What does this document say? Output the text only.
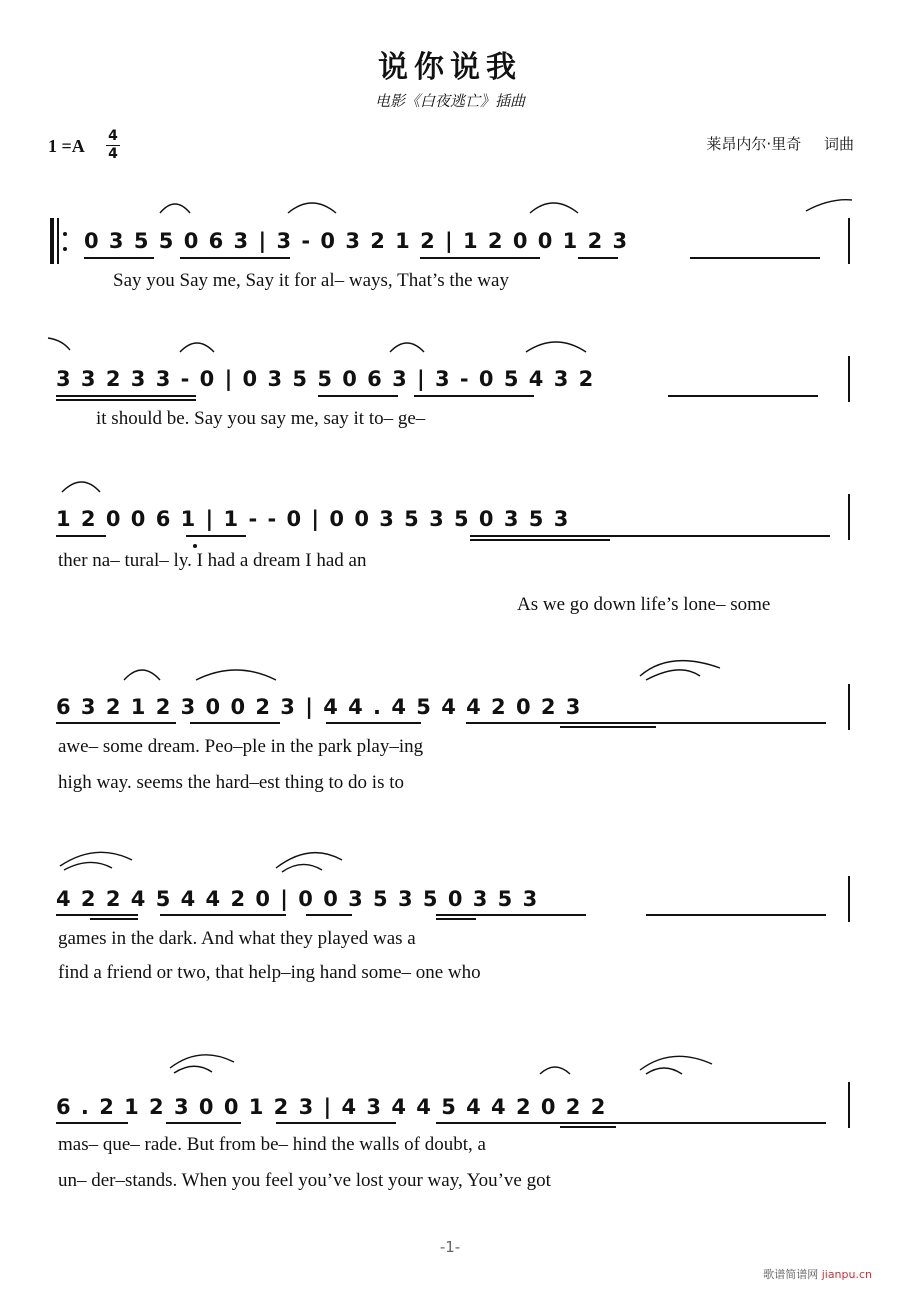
说你说我
电影《白夜逃亡》插曲
1 =A	4
4
莱昂内尔·里奇 词曲
0 3 5 5 0 6 3 | 3 - 0 3 2 1 2 | 1 2 0 0 1 2 3
Say you Say me, Say it for al– ways, That’s the way
3 3 2 3 3 - 0 | 0 3 5 5 0 6 3 | 3 - 0 5 4 3 2
it should be. Say you say me, say it to– ge–
1 2 0 0 6 1 | 1 - - 0 | 0 0 3 5 3 5 0 3 5 3
ther na– tural– ly. I had a dream I had an
As we go down life’s lone– some
6 3 2 1 2 3 0 0 2 3 | 4 4 . 4 5 4 4 2 0 2 3
awe– some dream. Peo–ple in the park play–ing
high way. seems the hard–est thing to do is to
4 2 2 4 5 4 4 2 0 | 0 0 3 5 3 5 0 3 5 3
games in the dark. And what they played was a
find a friend or two, that help–ing hand some– one who
6 . 2 1 2 3 0 0 1 2 3 | 4 3 4 4 5 4 4 2 0 2 2
mas– que– rade. But from be– hind the walls of doubt, a
un– der–stands. When you feel you’ve lost your way, You’ve got
-1-
歌谱简谱网 jianpu.cn
